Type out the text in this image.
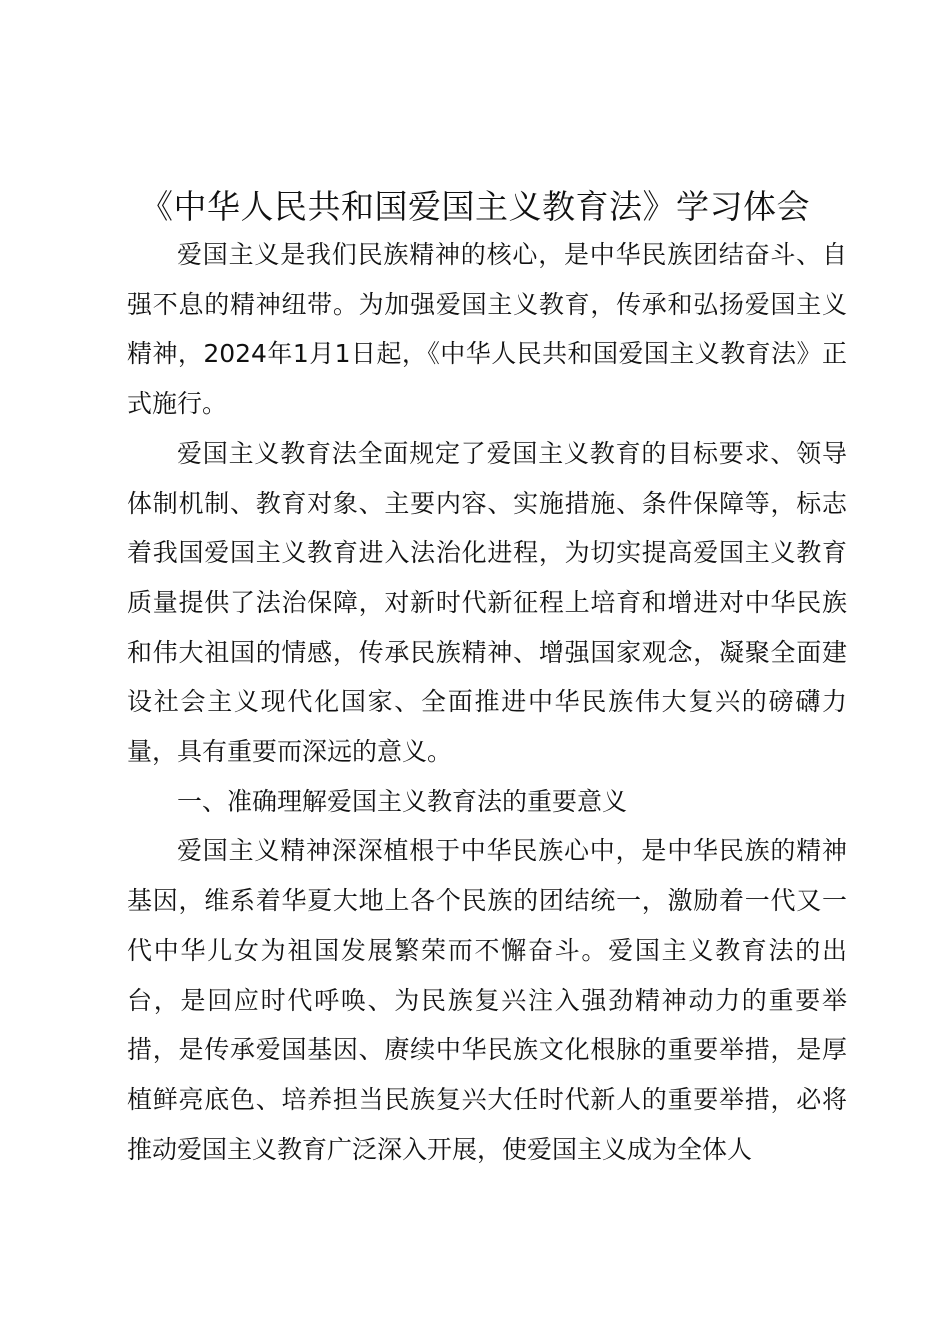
《中华人民共和国爱国主义教育法》学习体会

爱国主义是我们民族精神的核心，是中华民族团结奋斗、自强不息的精神纽带。为加强爱国主义教育，传承和弘扬爱国主义精神，2024年1月1日起，《中华人民共和国爱国主义教育法》正式施行。

爱国主义教育法全面规定了爱国主义教育的目标要求、领导体制机制、教育对象、主要内容、实施措施、条件保障等，标志着我国爱国主义教育进入法治化进程，为切实提高爱国主义教育质量提供了法治保障，对新时代新征程上培育和增进对中华民族和伟大祖国的情感，传承民族精神、增强国家观念，凝聚全面建设社会主义现代化国家、全面推进中华民族伟大复兴的磅礴力量，具有重要而深远的意义。

一、准确理解爱国主义教育法的重要意义

爱国主义精神深深植根于中华民族心中，是中华民族的精神基因，维系着华夏大地上各个民族的团结统一，激励着一代又一代中华儿女为祖国发展繁荣而不懈奋斗。爱国主义教育法的出台，是回应时代呼唤、为民族复兴注入强劲精神动力的重要举措，是传承爱国基因、赓续中华民族文化根脉的重要举措，是厚植鲜亮底色、培养担当民族复兴大任时代新人的重要举措，必将推动爱国主义教育广泛深入开展，使爱国主义成为全体人
